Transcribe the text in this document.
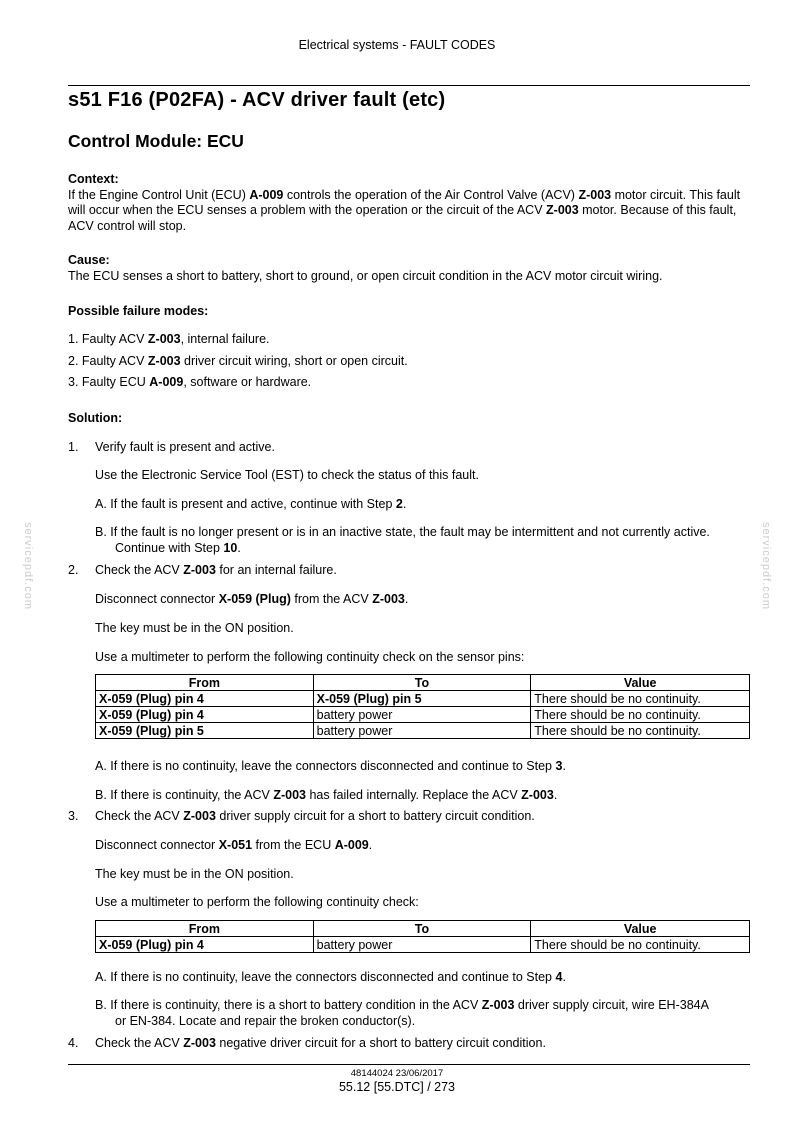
Electrical systems - FAULT CODES
s51 F16 (P02FA) - ACV driver fault (etc)
Control Module: ECU
Context:
If the Engine Control Unit (ECU) A-009 controls the operation of the Air Control Valve (ACV) Z-003 motor circuit. This fault will occur when the ECU senses a problem with the operation or the circuit of the ACV Z-003 motor. Because of this fault, ACV control will stop.
Cause:
The ECU senses a short to battery, short to ground, or open circuit condition in the ACV motor circuit wiring.
Possible failure modes:
1. Faulty ACV Z-003, internal failure.
2. Faulty ACV Z-003 driver circuit wiring, short or open circuit.
3. Faulty ECU A-009, software or hardware.
Solution:
1. Verify fault is present and active.
Use the Electronic Service Tool (EST) to check the status of this fault.
A. If the fault is present and active, continue with Step 2.
B. If the fault is no longer present or is in an inactive state, the fault may be intermittent and not currently active.
Continue with Step 10.
2. Check the ACV Z-003 for an internal failure.
Disconnect connector X-059 (Plug) from the ACV Z-003.
The key must be in the ON position.
Use a multimeter to perform the following continuity check on the sensor pins:
From	To	Value
X-059 (Plug) pin 4	X-059 (Plug) pin 5	There should be no continuity.
X-059 (Plug) pin 4	battery power	There should be no continuity.
X-059 (Plug) pin 5	battery power	There should be no continuity.
A. If there is no continuity, leave the connectors disconnected and continue to Step 3.
B. If there is continuity, the ACV Z-003 has failed internally. Replace the ACV Z-003.
3. Check the ACV Z-003 driver supply circuit for a short to battery circuit condition.
Disconnect connector X-051 from the ECU A-009.
The key must be in the ON position.
Use a multimeter to perform the following continuity check:
From	To	Value
X-059 (Plug) pin 4	battery power	There should be no continuity.
A. If there is no continuity, leave the connectors disconnected and continue to Step 4.
B. If there is continuity, there is a short to battery condition in the ACV Z-003 driver supply circuit, wire EH-384A
or EN-384. Locate and repair the broken conductor(s).
4. Check the ACV Z-003 negative driver circuit for a short to battery circuit condition.
servicepdf.com	servicepdf.com
48144024 23/06/2017
55.12 [55.DTC] / 273
